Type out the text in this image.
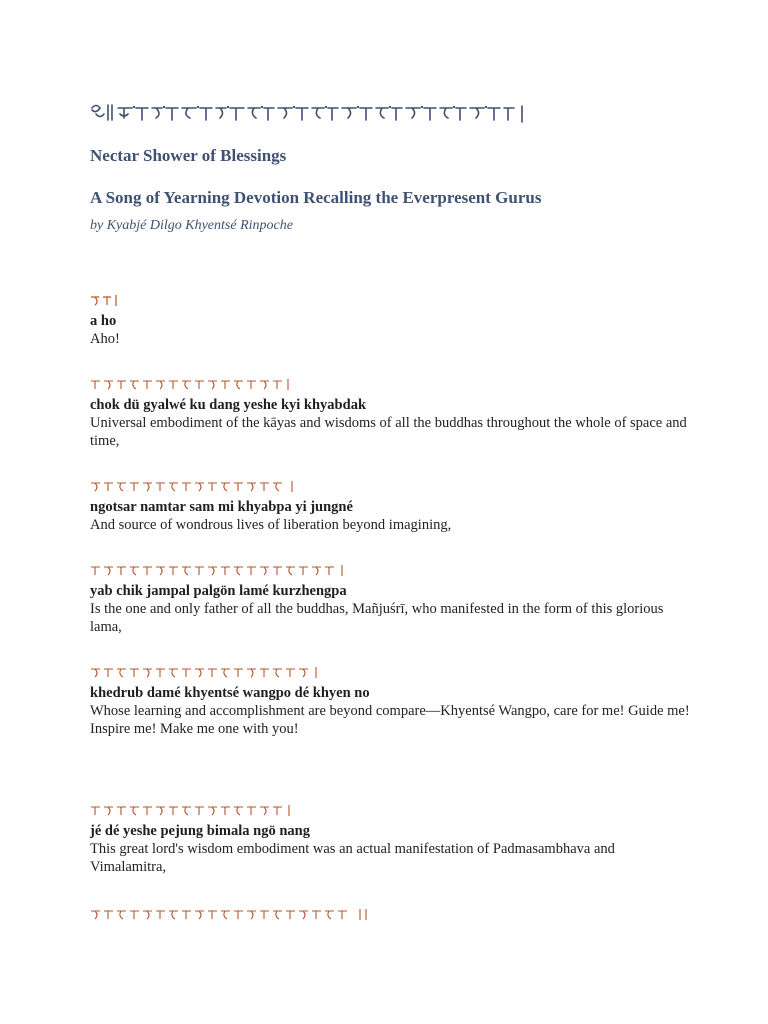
Nectar Shower of Blessings
A Song of Yearning Devotion Recalling the Everpresent Gurus

by Kyabjé Dilgo Khyentsé Rinpoche

a ho

Aho!

chok dü gyalwé ku dang yeshe kyi khyabdak

Universal embodiment of the kāyas and wisdoms of all the buddhas throughout the whole of space and time,

ngotsar namtar sam mi khyabpa yi jungné

And source of wondrous lives of liberation beyond imagining,

yab chik jampal palgön lamé kurzhengpa

Is the one and only father of all the buddhas, Mañjuśrī, who manifested in the form of this glorious lama,

khedrub damé khyentsé wangpo dé khyen no

Whose learning and accomplishment are beyond compare—Khyentsé Wangpo, care for me! Guide me! Inspire me! Make me one with you!

jé dé yeshe pejung bimala ngö nang

This great lord's wisdom embodiment was an actual manifestation of Padmasambhava and Vimalamitra,
